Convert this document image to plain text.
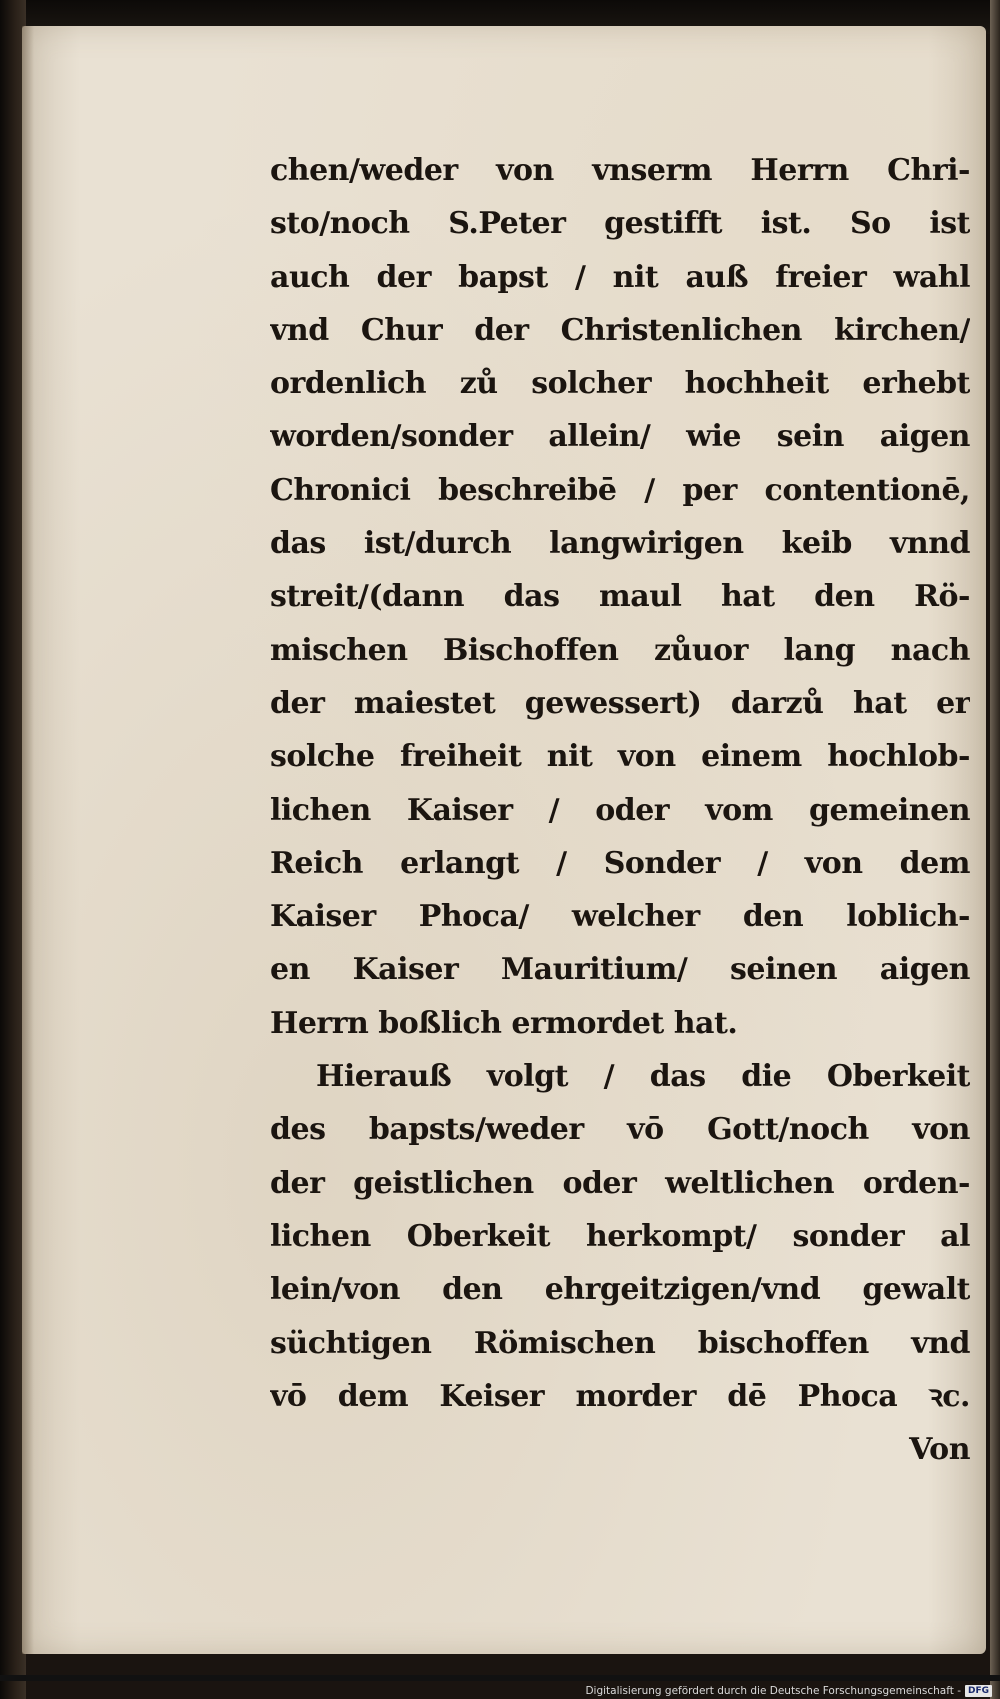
chen/weder von vnserm Herrn Chri-
sto/noch S.Peter gestifft ist. So ist
auch der bapst / nit auß freier wahl
vnd Chur der Christenlichen kirchen/
ordenlich zů solcher hochheit erhebt
worden/sonder allein/ wie sein aigen
Chronici beschreibē / per contentionē,
das ist/durch langwirigen keib vnnd
streit/(dann das maul hat den Rö-
mischen Bischoffen zůuor lang nach
der maiestet gewessert) darzů hat er
solche freiheit nit von einem hochlob-
lichen Kaiser / oder vom gemeinen
Reich erlangt / Sonder / von dem
Kaiser Phoca/ welcher den loblich-
en Kaiser Mauritium/ seinen aigen
Herrn boßlich ermordet hat.
Hierauß volgt / das die Oberkeit
des bapsts/weder vō Gott/noch von
der geistlichen oder weltlichen orden-
lichen Oberkeit herkompt/ sonder al
lein/von den ehrgeitzigen/vnd gewalt
süchtigen Römischen bischoffen vnd
vō dem Keiser morder dē Phoca ꝛc.
Von
Digitalisierung gefördert durch die Deutsche Forschungsgemeinschaft - DFG
